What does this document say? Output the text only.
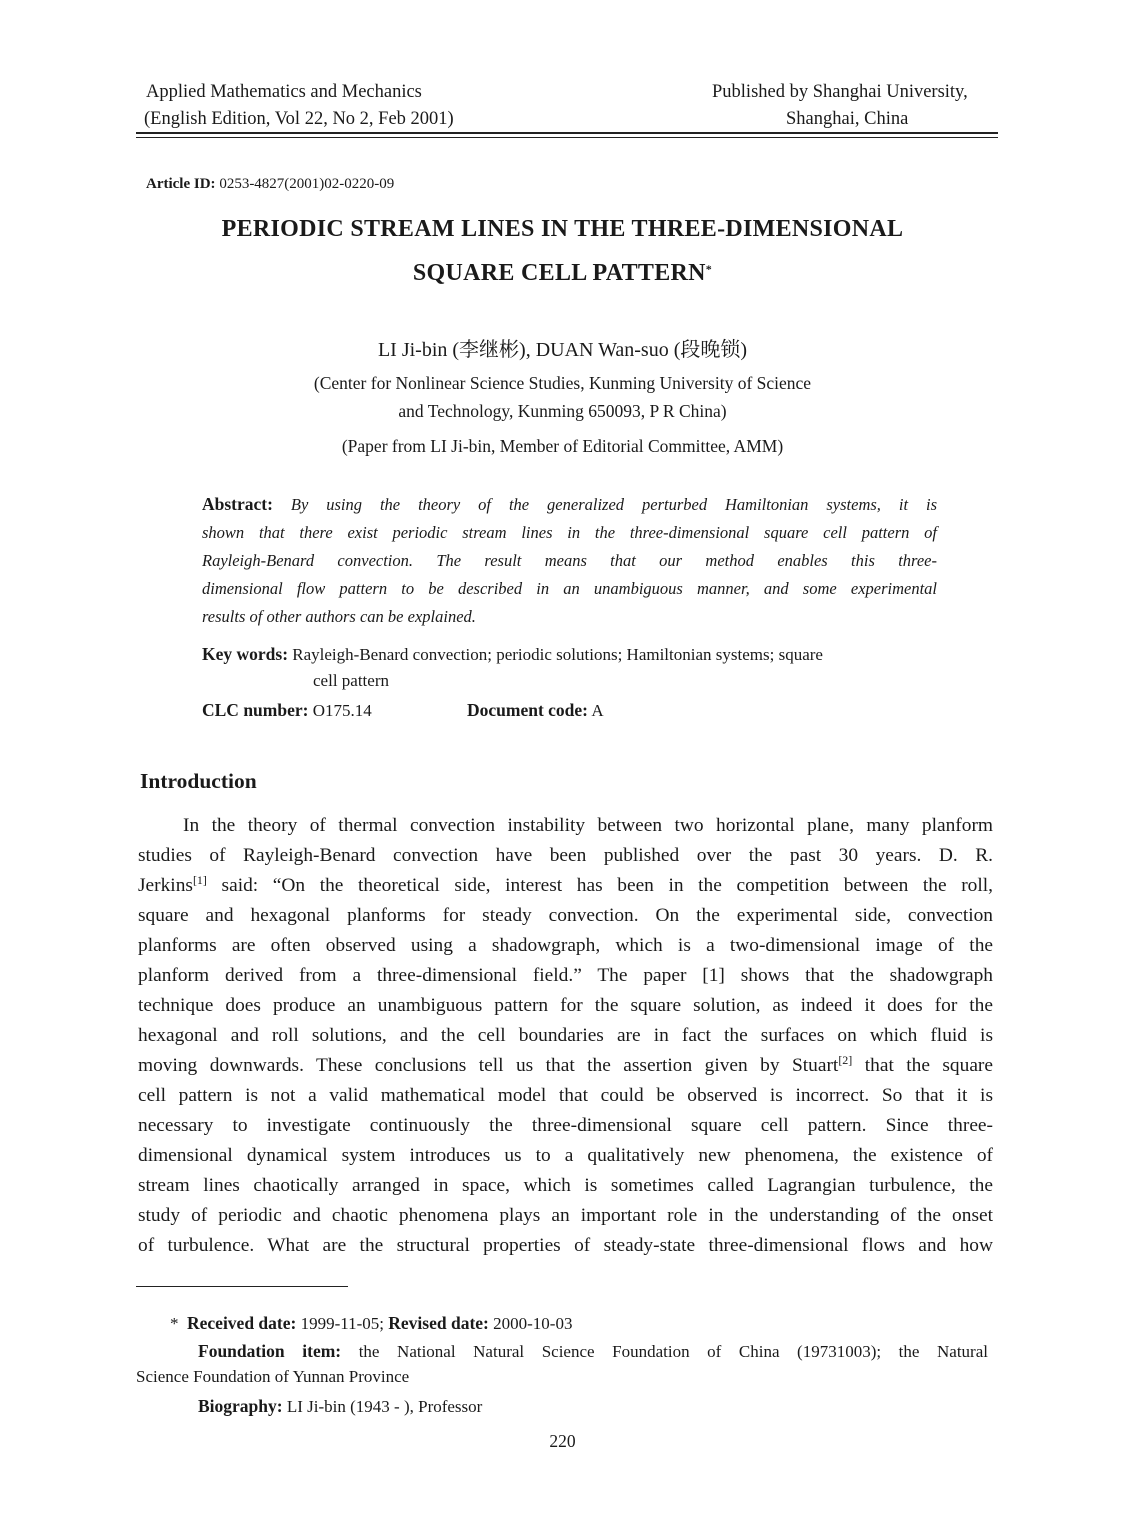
Applied Mathematics and Mechanics
(English Edition, Vol 22, No 2, Feb 2001)
Published by Shanghai University,
Shanghai, China
Article ID: 0253-4827(2001)02-0220-09
PERIODIC STREAM LINES IN THE THREE-DIMENSIONAL
SQUARE CELL PATTERN*
LI Ji-bin (李继彬), DUAN Wan-suo (段晚锁)
(Center for Nonlinear Science Studies, Kunming University of Science
and Technology, Kunming 650093, P R China)
(Paper from LI Ji-bin, Member of Editorial Committee, AMM)
Abstract: By using the theory of the generalized perturbed Hamiltonian systems, it is
shown that there exist periodic stream lines in the three-dimensional square cell pattern of
Rayleigh-Benard convection. The result means that our method enables this three-
dimensional flow pattern to be described in an unambiguous manner, and some experimental
results of other authors can be explained.
Key words: Rayleigh-Benard convection; periodic solutions; Hamiltonian systems; square
cell pattern
CLC number: O175.14	Document code: A
Introduction
In the theory of thermal convection instability between two horizontal plane, many planform
studies of Rayleigh-Benard convection have been published over the past 30 years. D. R.
Jerkins[1] said: “On the theoretical side, interest has been in the competition between the roll,
square and hexagonal planforms for steady convection. On the experimental side, convection
planforms are often observed using a shadowgraph, which is a two-dimensional image of the
planform derived from a three-dimensional field.” The paper [1] shows that the shadowgraph
technique does produce an unambiguous pattern for the square solution, as indeed it does for the
hexagonal and roll solutions, and the cell boundaries are in fact the surfaces on which fluid is
moving downwards. These conclusions tell us that the assertion given by Stuart[2] that the square
cell pattern is not a valid mathematical model that could be observed is incorrect. So that it is
necessary to investigate continuously the three-dimensional square cell pattern. Since three-
dimensional dynamical system introduces us to a qualitatively new phenomena, the existence of
stream lines chaotically arranged in space, which is sometimes called Lagrangian turbulence, the
study of periodic and chaotic phenomena plays an important role in the understanding of the onset
of turbulence. What are the structural properties of steady-state three-dimensional flows and how
* Received date: 1999-11-05; Revised date: 2000-10-03
Foundation item: the National Natural Science Foundation of China (19731003); the Natural
Science Foundation of Yunnan Province
Biography: LI Ji-bin (1943 - ), Professor
220
